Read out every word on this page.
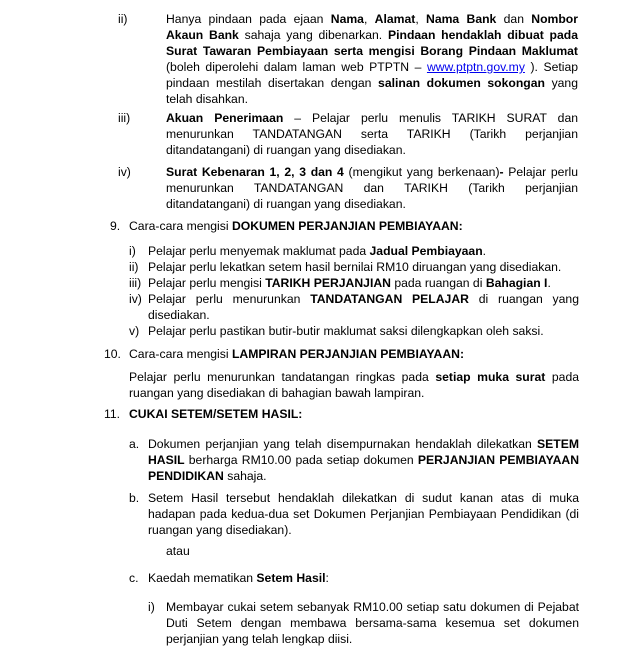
ii)	Hanya pindaan pada ejaan Nama, Alamat, Nama Bank dan Nombor Akaun Bank sahaja yang dibenarkan. Pindaan hendaklah dibuat pada Surat Tawaran Pembiayaan serta mengisi Borang Pindaan Maklumat (boleh diperolehi dalam laman web PTPTN – www.ptptn.gov.my ). Setiap pindaan mestilah disertakan dengan salinan dokumen sokongan yang telah disahkan.
iii)	Akuan Penerimaan – Pelajar perlu menulis TARIKH SURAT dan menurunkan TANDATANGAN serta TARIKH (Tarikh perjanjian ditandatangani) di ruangan yang disediakan.
iv)	Surat Kebenaran 1, 2, 3 dan 4 (mengikut yang berkenaan)- Pelajar perlu menurunkan TANDATANGAN dan TARIKH (Tarikh perjanjian ditandatangani) di ruangan yang disediakan.
9. Cara-cara mengisi DOKUMEN PERJANJIAN PEMBIAYAAN:
i) Pelajar perlu menyemak maklumat pada Jadual Pembiayaan.
ii) Pelajar perlu lekatkan setem hasil bernilai RM10 diruangan yang disediakan.
iii) Pelajar perlu mengisi TARIKH PERJANJIAN pada ruangan di Bahagian I.
iv) Pelajar  perlu  menurunkan  TANDATANGAN  PELAJAR  di  ruangan  yang
disediakan.
v) Pelajar perlu pastikan butir-butir maklumat saksi dilengkapkan oleh saksi.
10. Cara-cara mengisi LAMPIRAN PERJANJIAN PEMBIAYAAN:
Pelajar perlu menurunkan tandatangan ringkas pada setiap muka surat pada ruangan yang disediakan di bahagian bawah lampiran.
11. CUKAI SETEM/SETEM HASIL:
a. Dokumen perjanjian yang telah disempurnakan hendaklah dilekatkan SETEM HASIL berharga RM10.00 pada setiap dokumen PERJANJIAN PEMBIAYAAN PENDIDIKAN sahaja.
b. Setem Hasil tersebut hendaklah dilekatkan di sudut kanan atas di muka hadapan pada kedua-dua set Dokumen Perjanjian Pembiayaan Pendidikan (di ruangan yang disediakan).
atau
c. Kaedah mematikan Setem Hasil:
i) Membayar cukai setem sebanyak RM10.00 setiap satu dokumen di Pejabat Duti Setem dengan membawa bersama-sama kesemua set dokumen perjanjian yang telah lengkap diisi.
